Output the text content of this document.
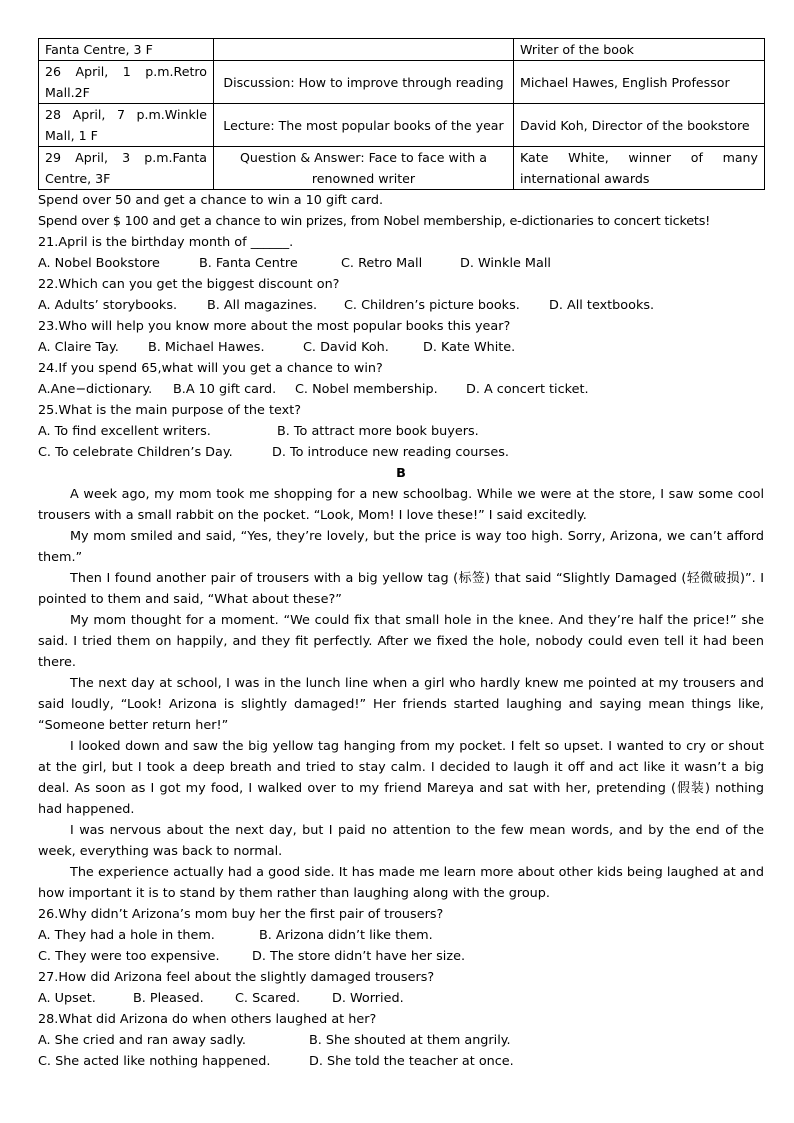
Fanta Centre, 3 F		Writer of the book
26 April, 1 p.m.Retro Mall.2F	Discussion: How to improve through reading	Michael Hawes, English Professor
28 April, 7 p.m.Winkle Mall, 1 F	Lecture: The most popular books of the year	David Koh, Director of the bookstore
29 April, 3 p.m.Fanta Centre, 3F	Question & Answer: Face to face with a renowned writer	Kate White, winner of many international awards
Spend over 50 and get a chance to win a 10 gift card.
Spend over $ 100 and get a chance to win prizes, from Nobel membership, e-dictionaries to concert tickets!
21.April is the birthday month of ______.
A. Nobel Bookstore	B. Fanta Centre	C. Retro Mall	D. Winkle Mall
22.Which can you get the biggest discount on?
A. Adults’ storybooks.	B. All magazines.	C. Children’s picture books.	D. All textbooks.
23.Who will help you know more about the most popular books this year?
A. Claire Tay.	B. Michael Hawes.	C. David Koh.	D. Kate White.
24.If you spend 65,what will you get a chance to win?
A.Ane−dictionary.	B.A 10 gift card.	C. Nobel membership.	D. A concert ticket.
25.What is the main purpose of the text?
A. To find excellent writers.	B. To attract more book buyers.
C. To celebrate Children’s Day.	D. To introduce new reading courses.
B

A week ago, my mom took me shopping for a new schoolbag. While we were at the store, I saw some cool trousers with a small rabbit on the pocket. “Look, Mom! I love these!” I said excitedly.

My mom smiled and said, “Yes, they’re lovely, but the price is way too high. Sorry, Arizona, we can’t afford them.”

Then I found another pair of trousers with a big yellow tag (标签) that said “Slightly Damaged (轻微破损)”. I pointed to them and said, “What about these?”

My mom thought for a moment. “We could fix that small hole in the knee. And they’re half the price!” she said. I tried them on happily, and they fit perfectly. After we fixed the hole, nobody could even tell it had been there.

The next day at school, I was in the lunch line when a girl who hardly knew me pointed at my trousers and said loudly, “Look! Arizona is slightly damaged!” Her friends started laughing and saying mean things like, “Someone better return her!”

I looked down and saw the big yellow tag hanging from my pocket. I felt so upset. I wanted to cry or shout at the girl, but I took a deep breath and tried to stay calm. I decided to laugh it off and act like it wasn’t a big deal. As soon as I got my food, I walked over to my friend Mareya and sat with her, pretending (假装) nothing had happened.

I was nervous about the next day, but I paid no attention to the few mean words, and by the end of the week, everything was back to normal.

The experience actually had a good side. It has made me learn more about other kids being laughed at and how important it is to stand by them rather than laughing along with the group.

26.Why didn’t Arizona’s mom buy her the first pair of trousers?
A. They had a hole in them.	B. Arizona didn’t like them.
C. They were too expensive.	D. The store didn’t have her size.
27.How did Arizona feel about the slightly damaged trousers?
A. Upset.	B. Pleased.	C. Scared.	D. Worried.
28.What did Arizona do when others laughed at her?
A. She cried and ran away sadly.	B. She shouted at them angrily.
C. She acted like nothing happened.	D. She told the teacher at once.
